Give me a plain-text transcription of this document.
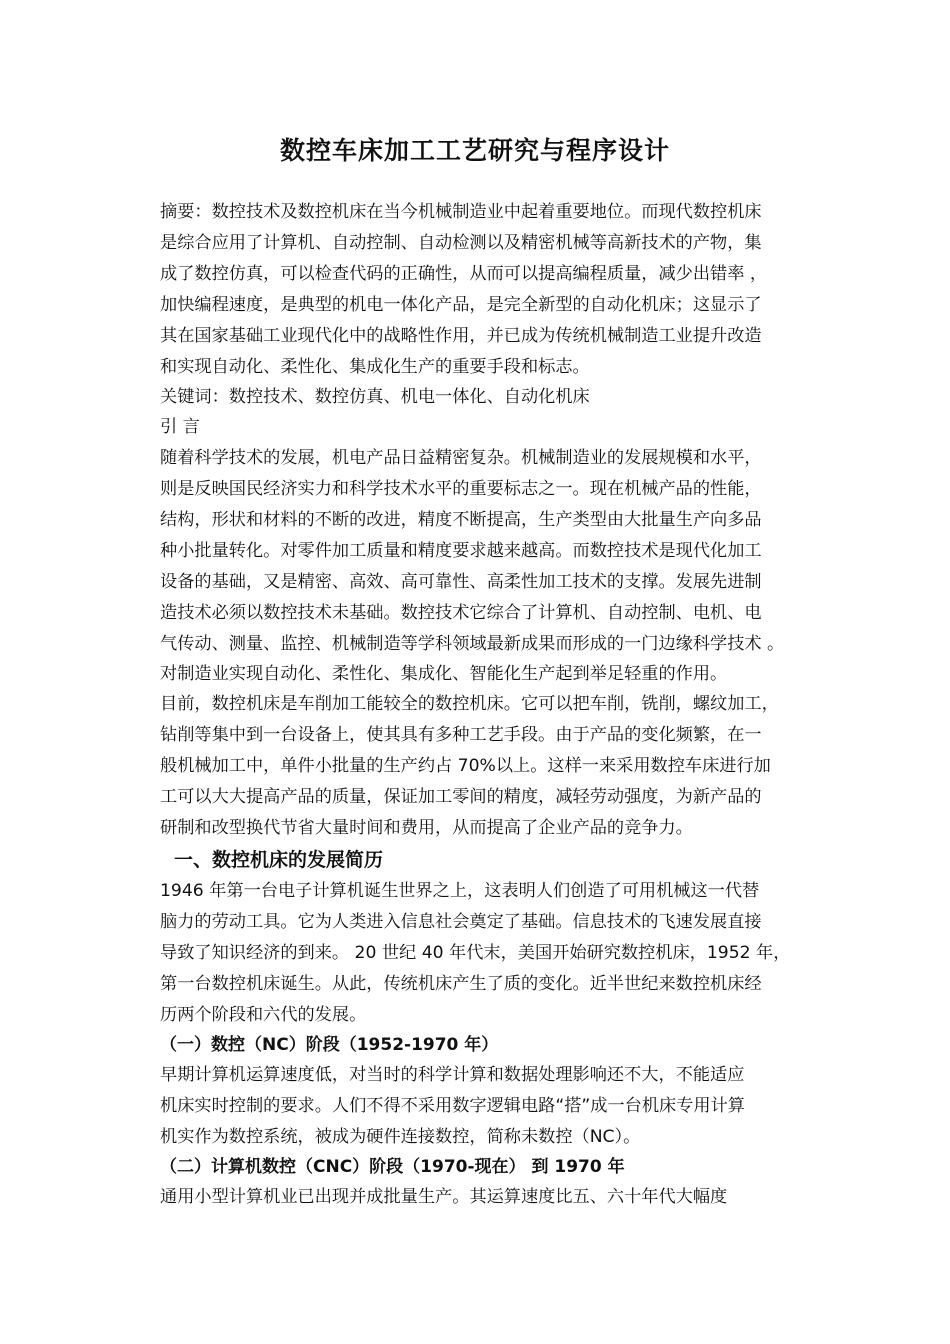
数控车床加工工艺研究与程序设计
摘要：数控技术及数控机床在当今机械制造业中起着重要地位。而现代数控机床
是综合应用了计算机、自动控制、自动检测以及精密机械等高新技术的产物，集
成了数控仿真，可以检查代码的正确性，从而可以提高编程质量，减少出错率 ，
加快编程速度，是典型的机电一体化产品，是完全新型的自动化机床；这显示了
其在国家基础工业现代化中的战略性作用，并已成为传统机械制造工业提升改造
和实现自动化、柔性化、集成化生产的重要手段和标志。
关键词：数控技术、数控仿真、机电一体化、自动化机床
引 言
随着科学技术的发展，机电产品日益精密复杂。机械制造业的发展规模和水平，
则是反映国民经济实力和科学技术水平的重要标志之一。现在机械产品的性能，
结构，形状和材料的不断的改进，精度不断提高，生产类型由大批量生产向多品
种小批量转化。对零件加工质量和精度要求越来越高。而数控技术是现代化加工
设备的基础，又是精密、高效、高可靠性、高柔性加工技术的支撑。发展先进制
造技术必须以数控技术未基础。数控技术它综合了计算机、自动控制、电机、电
气传动、测量、监控、机械制造等学科领域最新成果而形成的一门边缘科学技术 。
对制造业实现自动化、柔性化、集成化、智能化生产起到举足轻重的作用。
目前，数控机床是车削加工能较全的数控机床。它可以把车削，铣削，螺纹加工，
钻削等集中到一台设备上，使其具有多种工艺手段。由于产品的变化频繁，在一
般机械加工中，单件小批量的生产约占 70%以上。这样一来采用数控车床进行加
工可以大大提高产品的质量，保证加工零间的精度，减轻劳动强度，为新产品的
研制和改型换代节省大量时间和费用，从而提高了企业产品的竞争力。
一、数控机床的发展简历
1946 年第一台电子计算机诞生世界之上，这表明人们创造了可用机械这一代替
脑力的劳动工具。它为人类进入信息社会奠定了基础。信息技术的飞速发展直接
导致了知识经济的到来。 20 世纪 40 年代末，美国开始研究数控机床，1952 年，
第一台数控机床诞生。从此，传统机床产生了质的变化。近半世纪来数控机床经
历两个阶段和六代的发展。
（一）数控（NC）阶段（1952-1970 年）
早期计算机运算速度低，对当时的科学计算和数据处理影响还不大，不能适应
机床实时控制的要求。人们不得不采用数字逻辑电路“搭”成一台机床专用计算
机实作为数控系统，被成为硬件连接数控，简称未数控（NC）。
（二）计算机数控（CNC）阶段（1970-现在） 到 1970 年
通用小型计算机业已出现并成批量生产。其运算速度比五、六十年代大幅度
